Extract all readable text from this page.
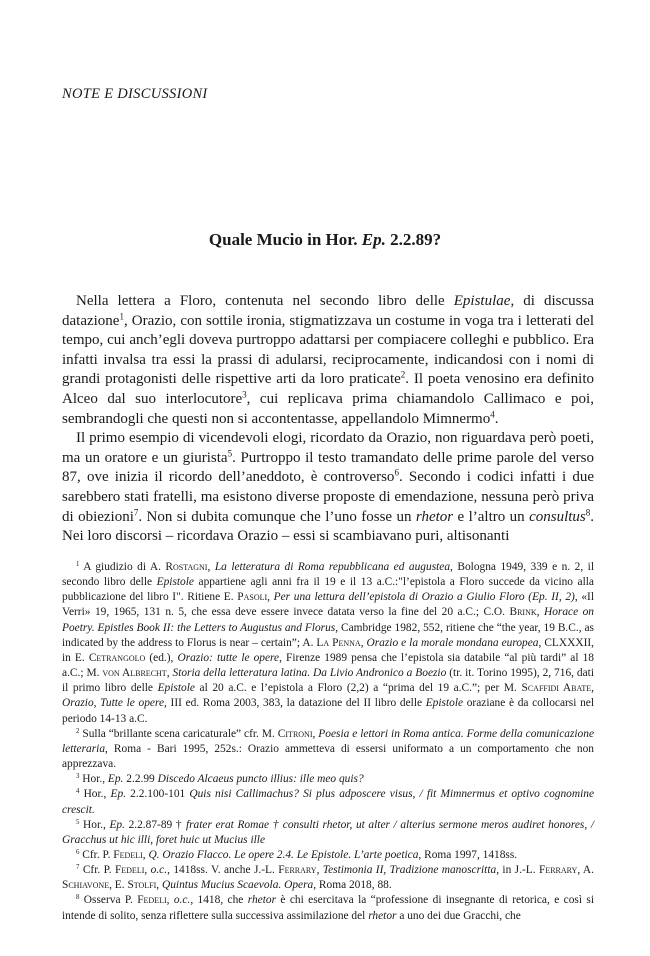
NOTE E DISCUSSIONI
Quale Mucio in Hor. Ep. 2.2.89?

Nella lettera a Floro, contenuta nel secondo libro delle Epistulae, di discussa datazione$^1$, Orazio, con sottile ironia, stigmatizzava un costume in voga tra i letterati del tempo, cui anch’egli doveva purtroppo adattarsi per compiacere colleghi e pubblico. Era infatti invalsa tra essi la prassi di adularsi, reciprocamente, indicandosi con i nomi di grandi protagonisti delle rispettive arti da loro praticate$^2$. Il poeta venosino era definito Alceo dal suo interlocutore$^3$, cui replicava prima chiamandolo Callimaco e poi, sembrandogli che questi non si accontentasse, appellandolo Mimnermo$^4$.

Il primo esempio di vicendevoli elogi, ricordato da Orazio, non riguardava però poeti, ma un oratore e un giurista$^5$. Purtroppo il testo tramandato delle prime parole del verso 87, ove inizia il ricordo dell’aneddoto, è controverso$^6$. Secondo i codici infatti i due sarebbero stati fratelli, ma esistono diverse proposte di emendazione, nessuna però priva di obiezioni$^7$. Non si dubita comunque che l’uno fosse un rhetor e l’altro un consultus$^8$. Nei loro discorsi – ricordava Orazio – essi si scambiavano puri, altisonanti

$^1$ A giudizio di A. Rostagni, La letteratura di Roma repubblicana ed augustea, Bologna 1949, 339 e n. 2, il secondo libro delle Epistole appartiene agli anni fra il 19 e il 13 a.C.:"l’epistola a Floro succede da vicino alla pubblicazione del libro I". Ritiene E. Pasoli, Per una lettura dell’epistola di Orazio a Giulio Floro (Ep. II, 2), «Il Verri» 19, 1965, 131 n. 5, che essa deve essere invece datata verso la fine del 20 a.C.; C.O. Brink, Horace on Poetry. Epistles Book II: the Letters to Augustus and Florus, Cambridge 1982, 552, ritiene che “the year, 19 B.C., as indicated by the address to Florus is near – certain”; A. La Penna, Orazio e la morale mondana europea, CLXXXII, in E. Cetrangolo (ed.), Orazio: tutte le opere, Firenze 1989 pensa che l’epistola sia databile “al più tardi” al 18 a.C.; M. von Albrecht, Storia della letteratura latina. Da Livio Andronico a Boezio (tr. it. Torino 1995), 2, 716, dati il primo libro delle Epistole al 20 a.C. e l’epistola a Floro (2,2) a “prima del 19 a.C.”; per M. Scaffidi Abate, Orazio, Tutte le opere, III ed. Roma 2003, 383, la datazione del II libro delle Epistole oraziane è da collocarsi nel periodo 14-13 a.C.

$^2$ Sulla “brillante scena caricaturale” cfr. M. Citroni, Poesia e lettori in Roma antica. Forme della comunicazione letteraria, Roma - Bari 1995, 252s.: Orazio ammetteva di essersi uniformato a un comportamento che non apprezzava.

$^3$ Hor., Ep. 2.2.99 Discedo Alcaeus puncto illius: ille meo quis?

$^4$ Hor., Ep. 2.2.100-101 Quis nisi Callimachus? Si plus adposcere visus, / fit Mimnermus et optivo cognomine crescit.

$^5$ Hor., Ep. 2.2.87-89 † frater erat Romae † consulti rhetor, ut alter / alterius sermone meros audiret honores, / Gracchus ut hic illi, foret huic ut Mucius ille

$^6$ Cfr. P. Fedeli, Q. Orazio Flacco. Le opere 2.4. Le Epistole. L’arte poetica, Roma 1997, 1418ss.

$^7$ Cfr. P. Fedeli, o.c., 1418ss. V. anche J.-L. Ferrary, Testimonia II, Tradizione manoscritta, in J.-L. Ferrary, A. Schiavone, E. Stolfi, Quintus Mucius Scaevola. Opera, Roma 2018, 88.

$^8$ Osserva P. Fedeli, o.c., 1418, che rhetor è chi esercitava la “professione di insegnante di retorica, e così si intende di solito, senza riflettere sulla successiva assimilazione del rhetor a uno dei due Gracchi, che
